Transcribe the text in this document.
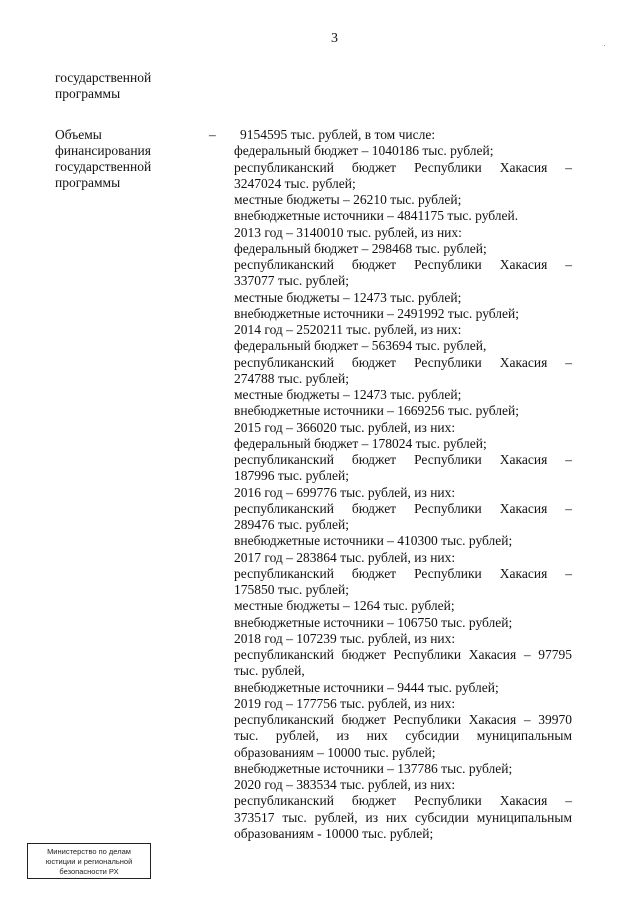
3
государственной
программы
Объемы
финансирования
государственной
программы
–	9154595 тыс. рублей, в том числе:
федеральный бюджет – 1040186 тыс. рублей;
республиканский бюджет Республики Хакасия –
3247024 тыс. рублей;
местные бюджеты – 26210 тыс. рублей;
внебюджетные источники – 4841175 тыс. рублей.
2013 год – 3140010 тыс. рублей, из них:
федеральный бюджет – 298468 тыс. рублей;
республиканский бюджет Республики Хакасия –
337077 тыс. рублей;
местные бюджеты – 12473 тыс. рублей;
внебюджетные источники – 2491992 тыс. рублей;
2014 год – 2520211 тыс. рублей, из них:
федеральный бюджет – 563694 тыс. рублей,
республиканский бюджет Республики Хакасия –
274788 тыс. рублей;
местные бюджеты – 12473 тыс. рублей;
внебюджетные источники – 1669256 тыс. рублей;
2015 год – 366020 тыс. рублей, из них:
федеральный бюджет – 178024 тыс. рублей;
республиканский бюджет Республики Хакасия –
187996 тыс. рублей;
2016 год – 699776 тыс. рублей, из них:
республиканский бюджет Республики Хакасия –
289476 тыс. рублей;
внебюджетные источники – 410300 тыс. рублей;
2017 год – 283864 тыс. рублей, из них:
республиканский бюджет Республики Хакасия –
175850 тыс. рублей;
местные бюджеты – 1264 тыс. рублей;
внебюджетные источники – 106750 тыс. рублей;
2018 год – 107239 тыс. рублей, из них:
республиканский бюджет Республики Хакасия – 97795
тыс. рублей,
внебюджетные источники – 9444 тыс. рублей;
2019 год – 177756 тыс. рублей, из них:
республиканский бюджет Республики Хакасия – 39970
тыс. рублей, из них субсидии муниципальным
образованиям – 10000 тыс. рублей;
внебюджетные источники – 137786 тыс. рублей;
2020 год – 383534 тыс. рублей, из них:
республиканский бюджет Республики Хакасия –
373517 тыс. рублей, из них субсидии муниципальным
образованиям - 10000 тыс. рублей;
Министерство по делам
юстиции и региональной
безопасности РХ
